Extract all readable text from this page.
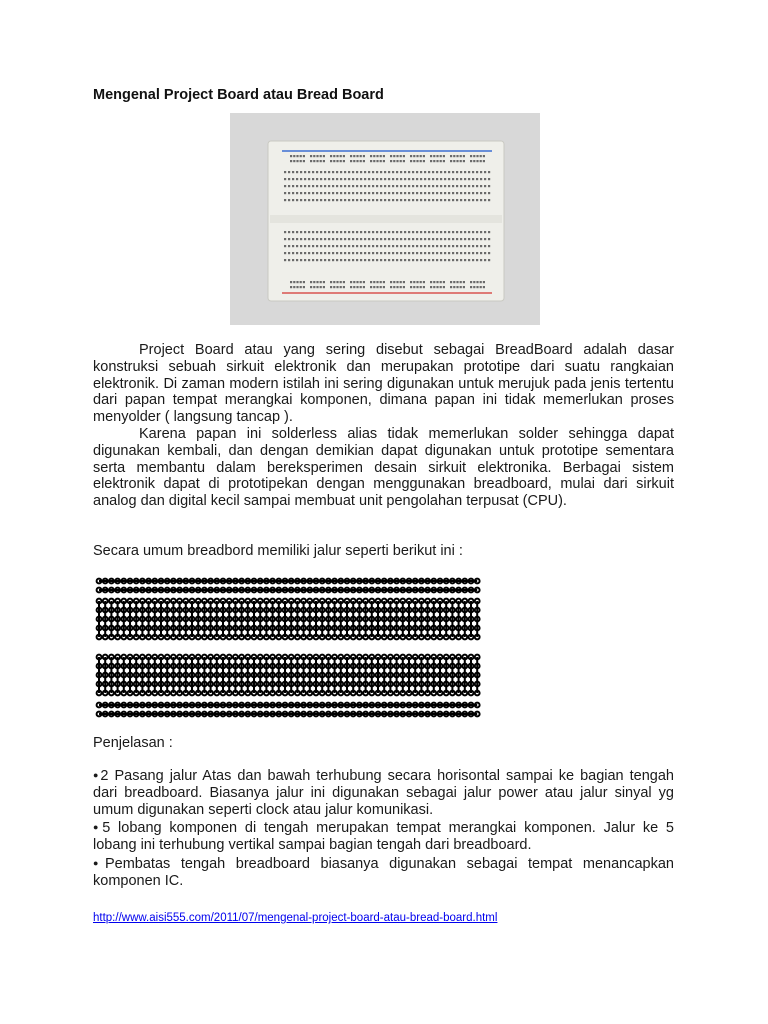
Mengenal Project Board atau Bread Board
Project Board atau yang sering disebut sebagai BreadBoard adalah dasar konstruksi sebuah sirkuit elektronik dan merupakan prototipe dari suatu rangkaian elektronik. Di zaman modern istilah ini sering digunakan untuk merujuk pada jenis tertentu dari papan tempat merangkai komponen, dimana papan ini tidak memerlukan proses menyolder ( langsung tancap ).
Karena papan ini solderless alias tidak memerlukan solder sehingga dapat digunakan kembali, dan dengan demikian dapat digunakan untuk prototipe sementara serta membantu dalam bereksperimen desain sirkuit elektronika. Berbagai sistem elektronik dapat di prototipekan dengan menggunakan breadboard, mulai dari sirkuit analog dan digital kecil sampai membuat unit pengolahan terpusat (CPU).
Secara umum breadbord memiliki jalur seperti berikut ini :
Penjelasan :
●2 Pasang jalur Atas dan bawah terhubung secara horisontal sampai ke bagian tengah dari breadboard. Biasanya jalur ini digunakan sebagai jalur power atau jalur sinyal yg umum digunakan seperti clock atau jalur komunikasi.
●5 lobang komponen di tengah merupakan tempat merangkai komponen. Jalur ke 5 lobang ini terhubung vertikal sampai bagian tengah dari breadboard.
●Pembatas tengah breadboard biasanya digunakan sebagai tempat menancapkan komponen IC.
http://www.aisi555.com/2011/07/mengenal-project-board-atau-bread-board.html
